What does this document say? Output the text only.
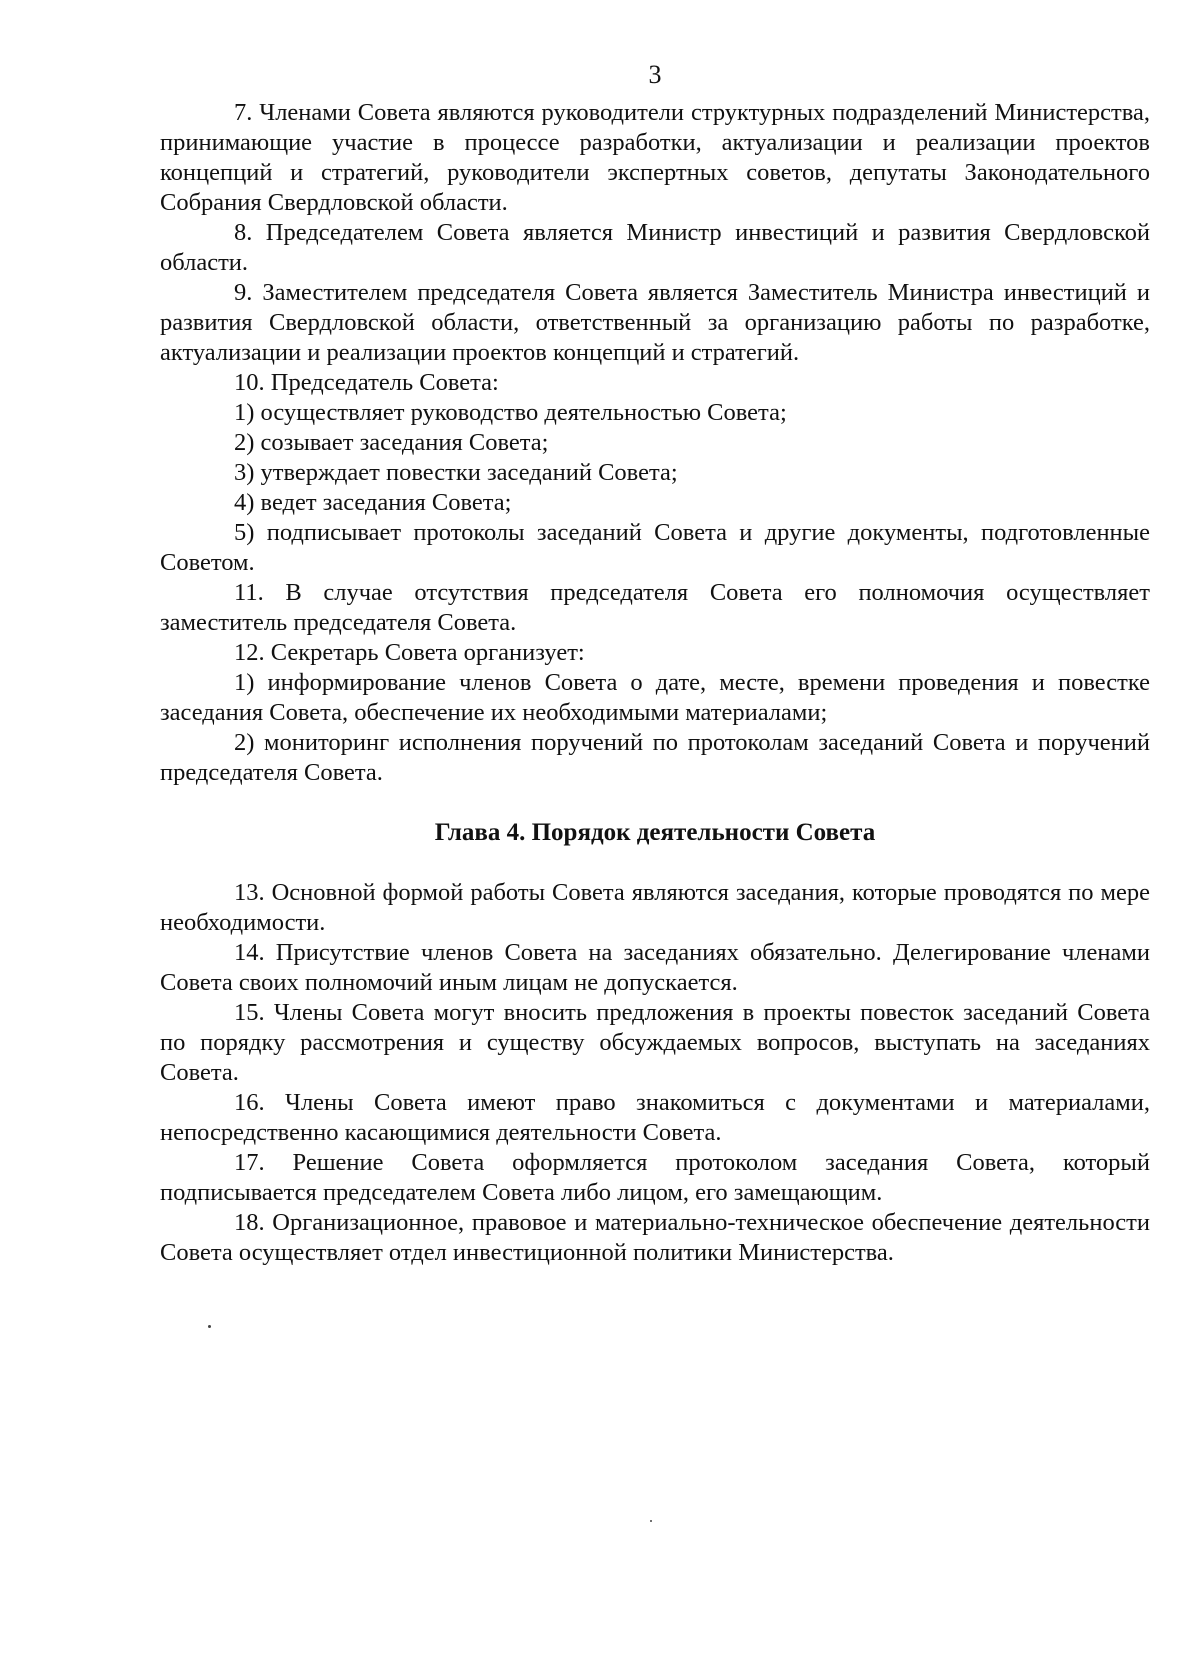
3

7. Членами Совета являются руководители структурных подразделений Министерства, принимающие участие в процессе разработки, актуализации и реализации проектов концепций и стратегий, руководители экспертных советов, депутаты Законодательного Собрания Свердловской области.

8. Председателем Совета является Министр инвестиций и развития Свердловской области.

9. Заместителем председателя Совета является Заместитель Министра инвестиций и развития Свердловской области, ответственный за организацию работы по разработке, актуализации и реализации проектов концепций и стратегий.

10. Председатель Совета:

1) осуществляет руководство деятельностью Совета;

2) созывает заседания Совета;

3) утверждает повестки заседаний Совета;

4) ведет заседания Совета;

5) подписывает протоколы заседаний Совета и другие документы, подготовленные Советом.

11. В случае отсутствия председателя Совета его полномочия осуществляет заместитель председателя Совета.

12. Секретарь Совета организует:

1) информирование членов Совета о дате, месте, времени проведения и повестке заседания Совета, обеспечение их необходимыми материалами;

2) мониторинг исполнения поручений по протоколам заседаний Совета и поручений председателя Совета.

Глава 4. Порядок деятельности Совета

13. Основной формой работы Совета являются заседания, которые проводятся по мере необходимости.

14. Присутствие членов Совета на заседаниях обязательно. Делегирование членами Совета своих полномочий иным лицам не допускается.

15. Члены Совета могут вносить предложения в проекты повесток заседаний Совета по порядку рассмотрения и существу обсуждаемых вопросов, выступать на заседаниях Совета.

16. Члены Совета имеют право знакомиться с документами и материалами, непосредственно касающимися деятельности Совета.

17. Решение Совета оформляется протоколом заседания Совета, который подписывается председателем Совета либо лицом, его замещающим.

18. Организационное, правовое и материально-техническое обеспечение деятельности Совета осуществляет отдел инвестиционной политики Министерства.
